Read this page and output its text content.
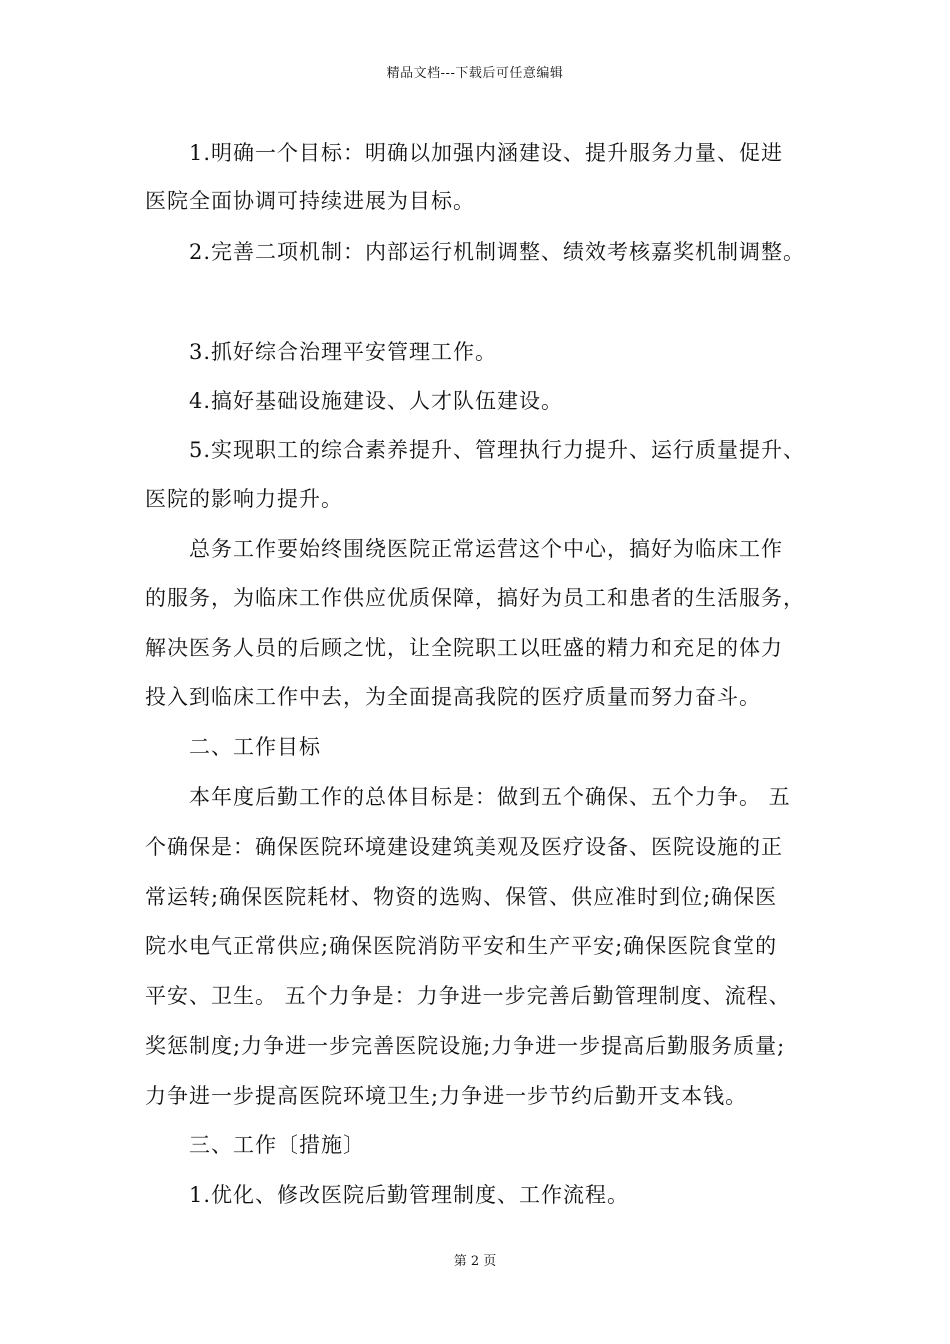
精品文档---下载后可任意编辑
1.明确一个目标：明确以加强内涵建设、提升服务力量、促进
医院全面协调可持续进展为目标。
2.完善二项机制：内部运行机制调整、绩效考核嘉奖机制调整。
3.抓好综合治理平安管理工作。
4.搞好基础设施建设、人才队伍建设。
5.实现职工的综合素养提升、管理执行力提升、运行质量提升、
医院的影响力提升。
总务工作要始终围绕医院正常运营这个中心，搞好为临床工作
的服务，为临床工作供应优质保障，搞好为员工和患者的生活服务，
解决医务人员的后顾之忧，让全院职工以旺盛的精力和充足的体力
投入到临床工作中去，为全面提高我院的医疗质量而努力奋斗。
二、工作目标
本年度后勤工作的总体目标是：做到五个确保、五个力争。 五
个确保是：确保医院环境建设建筑美观及医疗设备、医院设施的正
常运转;确保医院耗材、物资的选购、保管、供应准时到位;确保医
院水电气正常供应;确保医院消防平安和生产平安;确保医院食堂的
平安、卫生。 五个力争是：力争进一步完善后勤管理制度、流程、
奖惩制度;力争进一步完善医院设施;力争进一步提高后勤服务质量;
力争进一步提高医院环境卫生;力争进一步节约后勤开支本钱。
三、工作〔措施〕
1.优化、修改医院后勤管理制度、工作流程。
第 2 页
